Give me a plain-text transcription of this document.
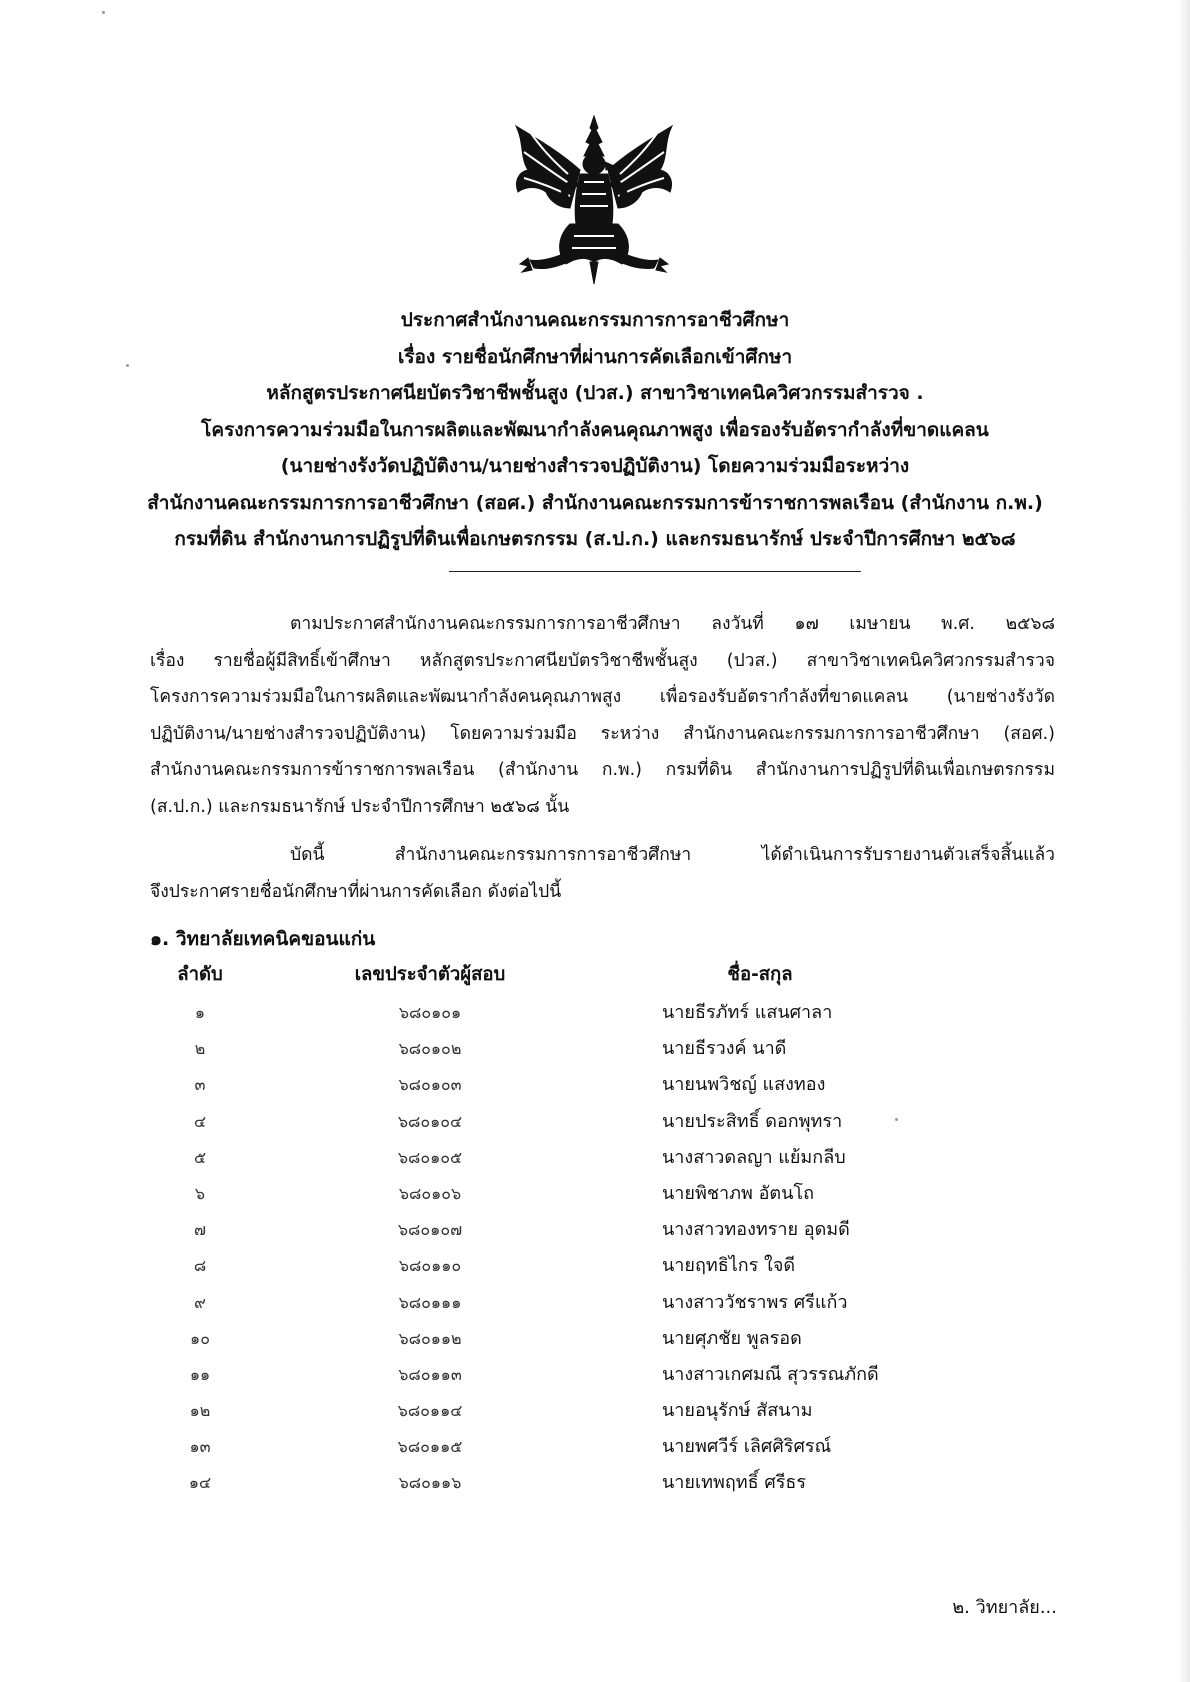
ประกาศสำนักงานคณะกรรมการการอาชีวศึกษา
เรื่อง รายชื่อนักศึกษาที่ผ่านการคัดเลือกเข้าศึกษา
หลักสูตรประกาศนียบัตรวิชาชีพชั้นสูง (ปวส.) สาขาวิชาเทคนิควิศวกรรมสำรวจ .
โครงการความร่วมมือในการผลิตและพัฒนากำลังคนคุณภาพสูง เพื่อรองรับอัตรากำลังที่ขาดแคลน
(นายช่างรังวัดปฏิบัติงาน/นายช่างสำรวจปฏิบัติงาน) โดยความร่วมมือระหว่าง
สำนักงานคณะกรรมการการอาชีวศึกษา (สอศ.) สำนักงานคณะกรรมการข้าราชการพลเรือน (สำนักงาน ก.พ.)
กรมที่ดิน สำนักงานการปฏิรูปที่ดินเพื่อเกษตรกรรม (ส.ป.ก.) และกรมธนารักษ์ ประจำปีการศึกษา ๒๕๖๘
ตามประกาศสำนักงานคณะกรรมการการอาชีวศึกษา ลงวันที่ ๑๗ เมษายน พ.ศ. ๒๕๖๘
เรื่อง รายชื่อผู้มีสิทธิ์เข้าศึกษา หลักสูตรประกาศนียบัตรวิชาชีพชั้นสูง (ปวส.) สาขาวิชาเทคนิควิศวกรรมสำรวจ
โครงการความร่วมมือในการผลิตและพัฒนากำลังคนคุณภาพสูง เพื่อรองรับอัตรากำลังที่ขาดแคลน (นายช่างรังวัด
ปฏิบัติงาน/นายช่างสำรวจปฏิบัติงาน) โดยความร่วมมือ ระหว่าง สำนักงานคณะกรรมการการอาชีวศึกษา (สอศ.)
สำนักงานคณะกรรมการข้าราชการพลเรือน (สำนักงาน ก.พ.) กรมที่ดิน สำนักงานการปฏิรูปที่ดินเพื่อเกษตรกรรม
(ส.ป.ก.) และกรมธนารักษ์ ประจำปีการศึกษา ๒๕๖๘ นั้น
บัดนี้ สำนักงานคณะกรรมการการอาชีวศึกษา ได้ดำเนินการรับรายงานตัวเสร็จสิ้นแล้ว
จึงประกาศรายชื่อนักศึกษาที่ผ่านการคัดเลือก ดังต่อไปนี้
๑. วิทยาลัยเทคนิคขอนแก่น
ลำดับ	เลขประจำตัวผู้สอบ	ชื่อ-สกุล
๑	๖๘๐๑๐๑	นายธีรภัทร์ แสนศาลา
๒	๖๘๐๑๐๒	นายธีรวงค์ นาดี
๓	๖๘๐๑๐๓	นายนพวิชญ์ แสงทอง
๔	๖๘๐๑๐๔	นายประสิทธิ์ ดอกพุทรา
๕	๖๘๐๑๐๕	นางสาวดลญา แย้มกลีบ
๖	๖๘๐๑๐๖	นายพิชาภพ อัตนโถ
๗	๖๘๐๑๐๗	นางสาวทองทราย อุดมดี
๘	๖๘๐๑๑๐	นายฤทธิไกร ใจดี
๙	๖๘๐๑๑๑	นางสาววัชราพร ศรีแก้ว
๑๐	๖๘๐๑๑๒	นายศุภชัย พูลรอด
๑๑	๖๘๐๑๑๓	นางสาวเกศมณี สุวรรณภักดี
๑๒	๖๘๐๑๑๔	นายอนุรักษ์ สัสนาม
๑๓	๖๘๐๑๑๕	นายพศวีร์ เลิศศิริศรณ์
๑๔	๖๘๐๑๑๖	นายเทพฤทธิ์ ศรีธร
๒. วิทยาลัย...
